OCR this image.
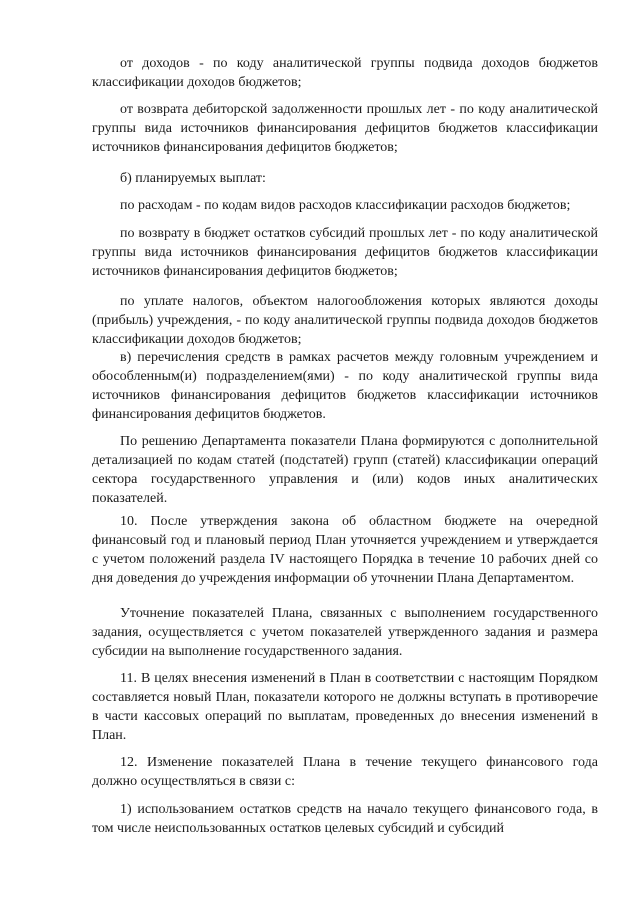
от доходов - по коду аналитической группы подвида доходов бюджетов классификации доходов бюджетов;

от возврата дебиторской задолженности прошлых лет - по коду аналитической группы вида источников финансирования дефицитов бюджетов классификации источников финансирования дефицитов бюджетов;

б) планируемых выплат:

по расходам - по кодам видов расходов классификации расходов бюджетов;

по возврату в бюджет остатков субсидий прошлых лет - по коду аналитической группы вида источников финансирования дефицитов бюджетов классификации источников финансирования дефицитов бюджетов;

по уплате налогов, объектом налогообложения которых являются доходы (прибыль) учреждения, - по коду аналитической группы подвида доходов бюджетов классификации доходов бюджетов;

в) перечисления средств в рамках расчетов между головным учреждением и обособленным(и) подразделением(ями) - по коду аналитической группы вида источников финансирования дефицитов бюджетов классификации источников финансирования дефицитов бюджетов.

По решению Департамента показатели Плана формируются с дополнительной детализацией по кодам статей (подстатей) групп (статей) классификации операций сектора государственного управления и (или) кодов иных аналитических показателей.

10. После утверждения закона об областном бюджете на очередной финансовый год и плановый период План уточняется учреждением и утверждается с учетом положений раздела IV настоящего Порядка в течение 10 рабочих дней со дня доведения до учреждения информации об уточнении Плана Департаментом.

Уточнение показателей Плана, связанных с выполнением государственного задания, осуществляется с учетом показателей утвержденного задания и размера субсидии на выполнение государственного задания.

11. В целях внесения изменений в План в соответствии с настоящим Порядком составляется новый План, показатели которого не должны вступать в противоречие в части кассовых операций по выплатам, проведенных до внесения изменений в План.

12. Изменение показателей Плана в течение текущего финансового года должно осуществляться в связи с:

1) использованием остатков средств на начало текущего финансового года, в том числе неиспользованных остатков целевых субсидий и субсидий
